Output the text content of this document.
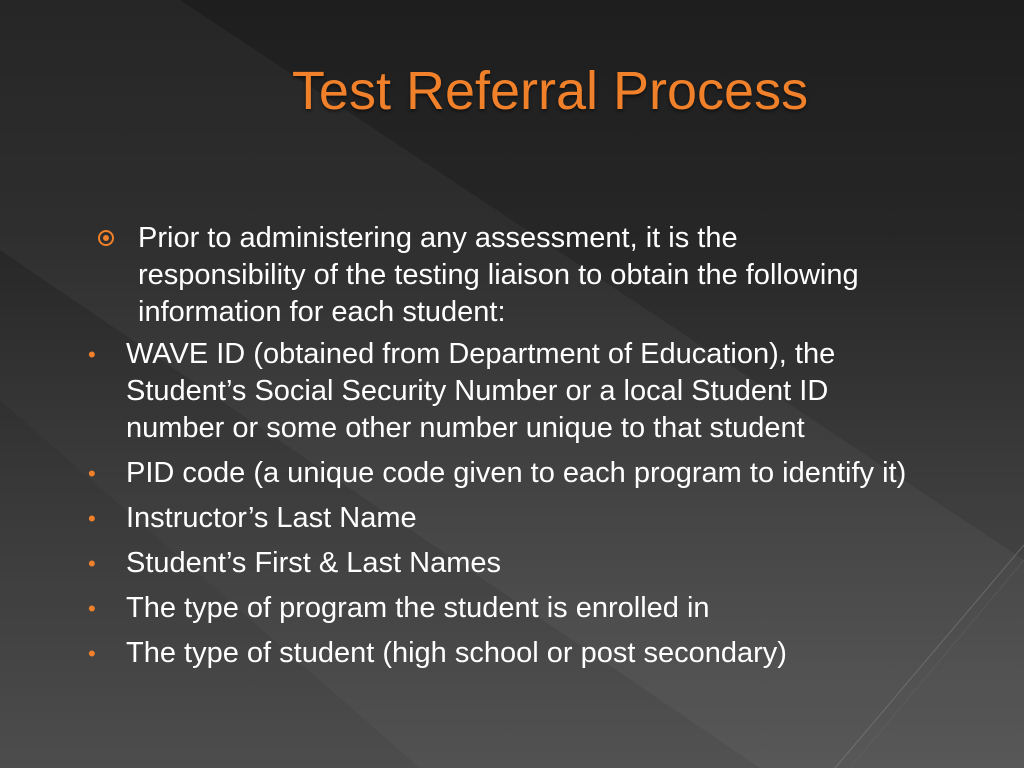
Test Referral Process
Prior to administering any assessment, it is the responsibility of the testing liaison to obtain the following information for each student:
• WAVE ID (obtained from Department of Education), the Student’s Social Security Number or a local Student ID number or some other number unique to that student
• PID code (a unique code given to each program to identify it)
• Instructor’s Last Name
• Student’s First & Last Names
• The type of program the student is enrolled in
• The type of student (high school or post secondary)
